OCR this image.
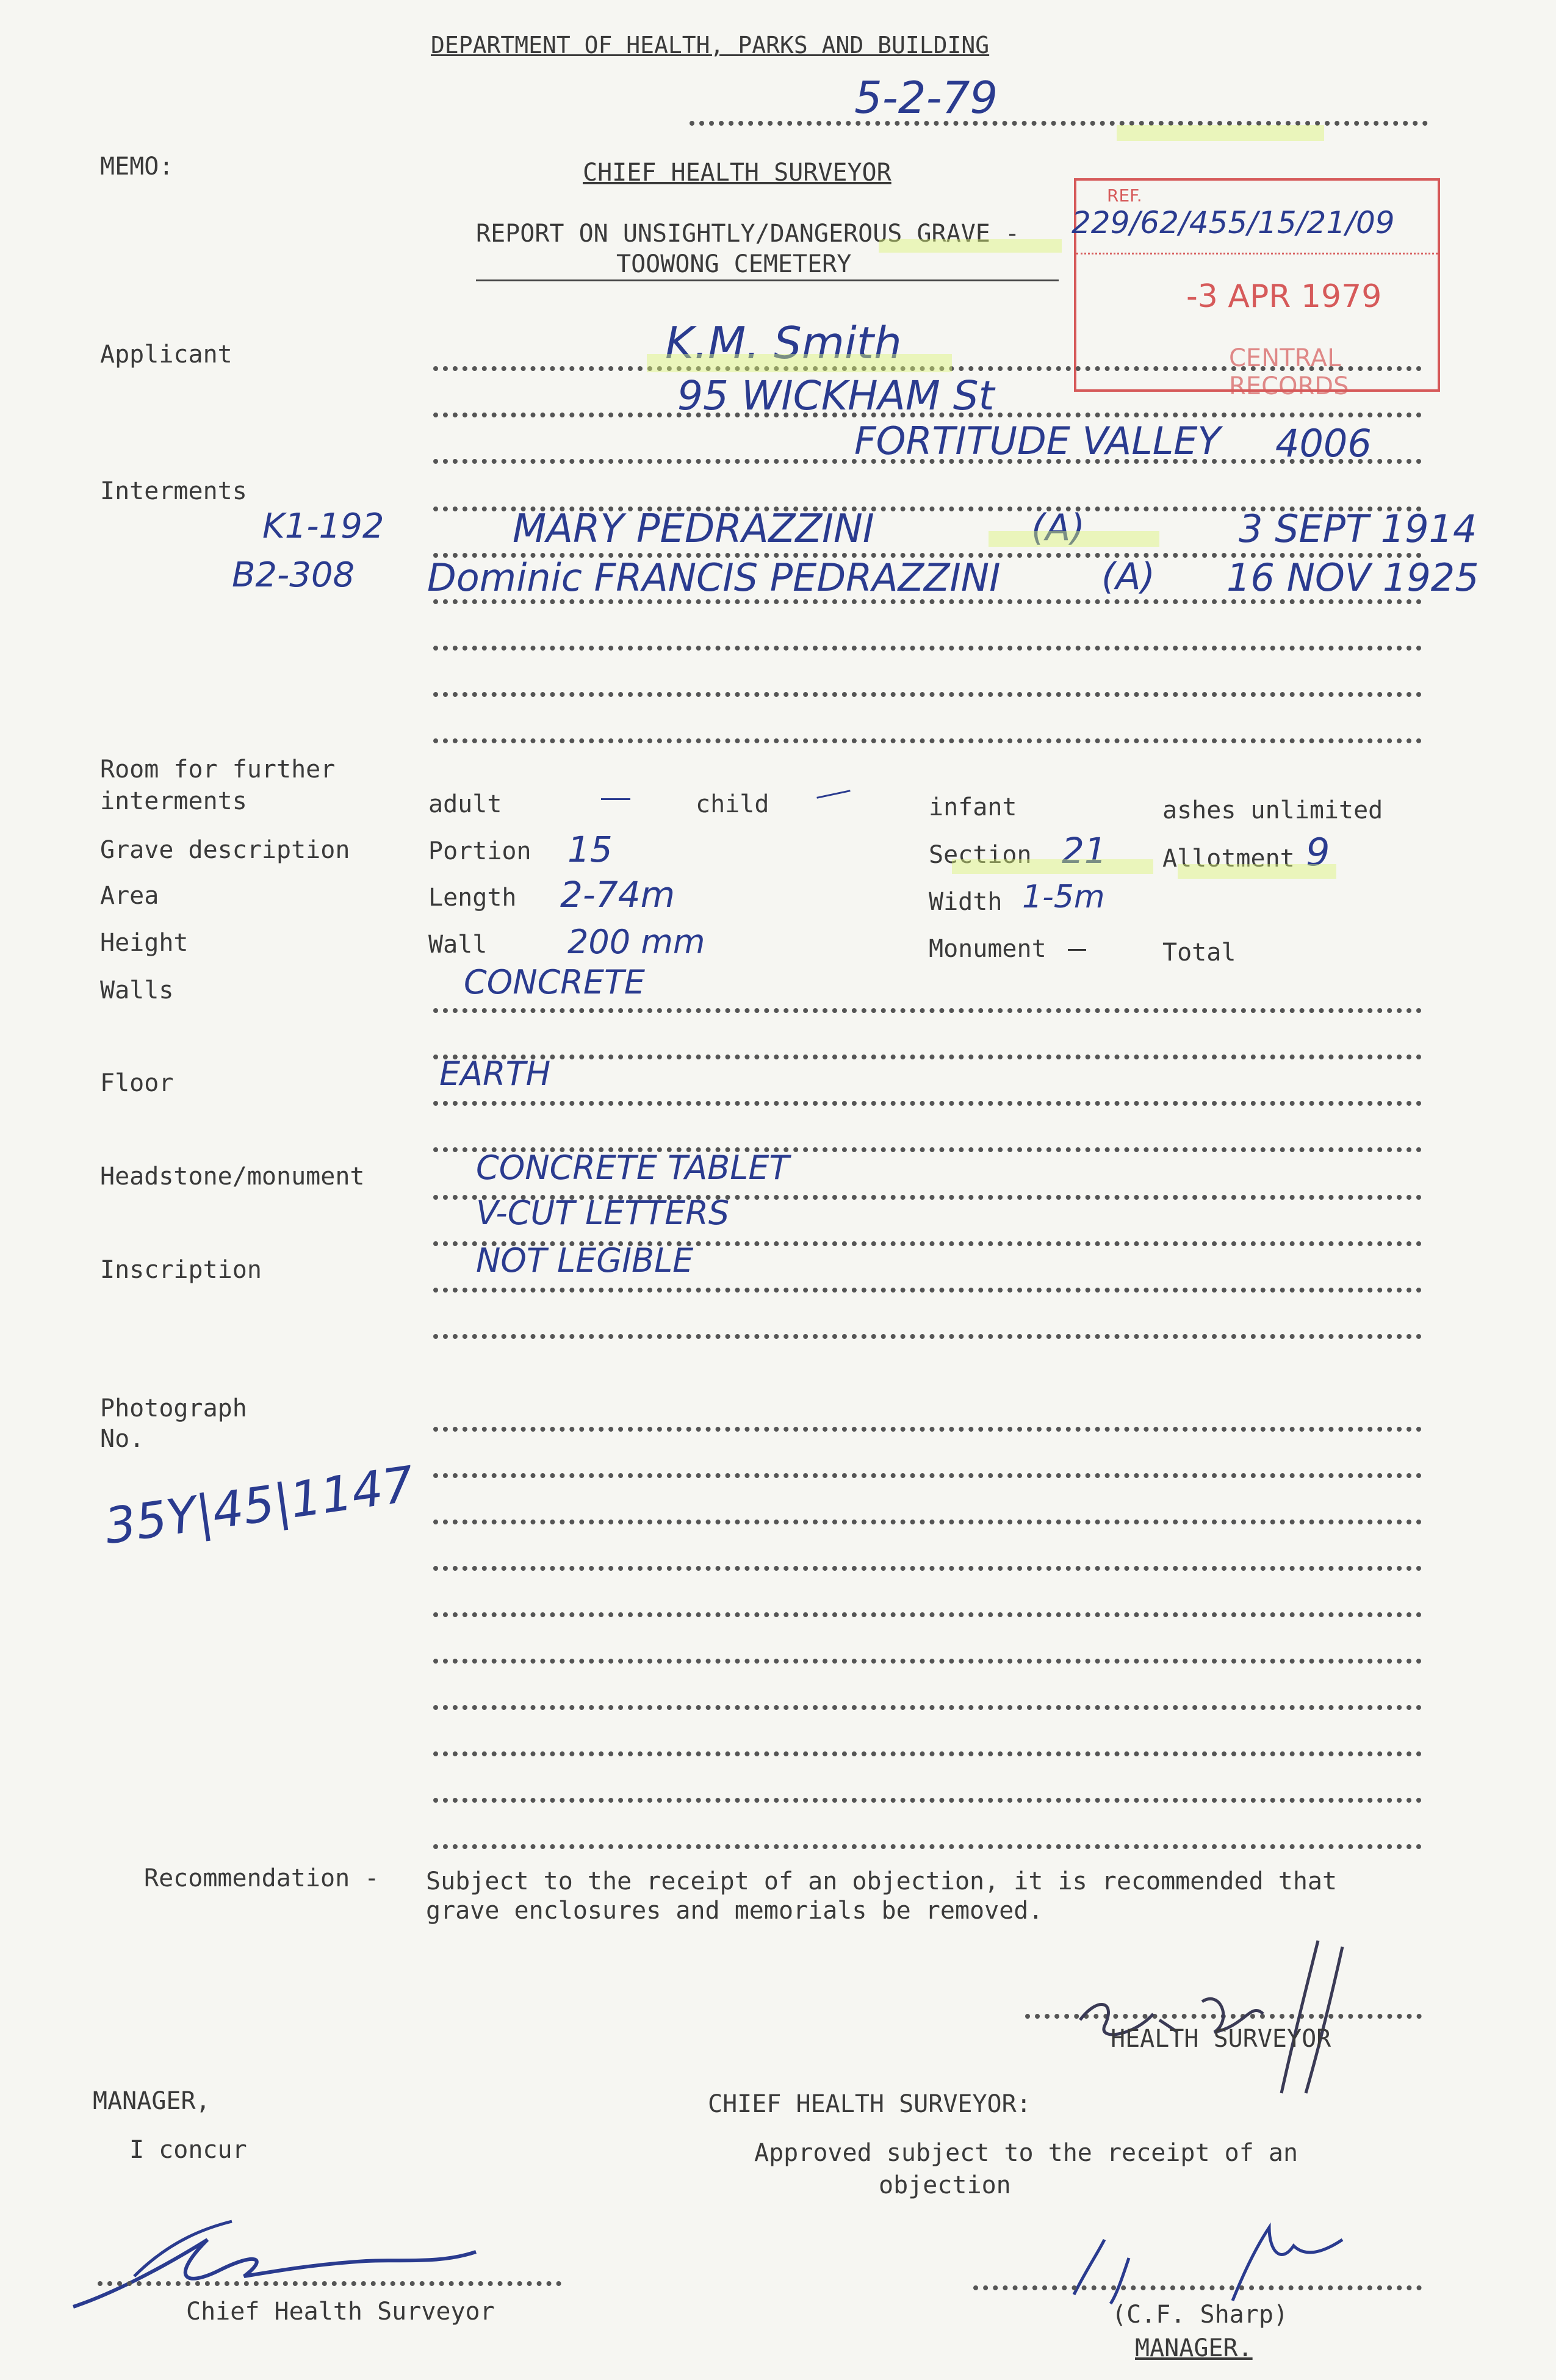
DEPARTMENT OF HEALTH, PARKS AND BUILDING
5-2-79
MEMO:	CHIEF HEALTH SURVEYOR
REPORT ON UNSIGHTLY/DANGEROUS GRAVE -
TOOWONG CEMETERY
REF.
229/62/455/15/21/09
-3 APR 1979
CENTRAL RECORDS
Applicant	K.M. Smith
95 WICKHAM St
FORTITUDE VALLEY 4006
Interments
K1-192	MARY PEDRAZZINI	(A)	3 SEPT 1914
B2-308 Dominic FRANCIS PEDRAZZINI	(A) 16 NOV 1925
Room for further
interments	adult	child	infant	ashes unlimited
Grave description	Portion 15	Section 21 Allotment 9
Area	Length 2-74m	Width 1-5m
Height	Wall 200 mm	Monument	Total
Walls	CONCRETE
Floor	EARTH
Headstone/monument	CONCRETE TABLET
V-CUT LETTERS
Inscription	NOT LEGIBLE
Photograph
No.
35Y|45|1147
Recommendation - Subject to the receipt of an objection, it is recommended that
grave enclosures and memorials be removed.
HEALTH SURVEYOR
MANAGER,
I concur
Chief Health Surveyor
CHIEF HEALTH SURVEYOR:
Approved subject to the receipt of an
objection
(C.F. Sharp)
MANAGER.
